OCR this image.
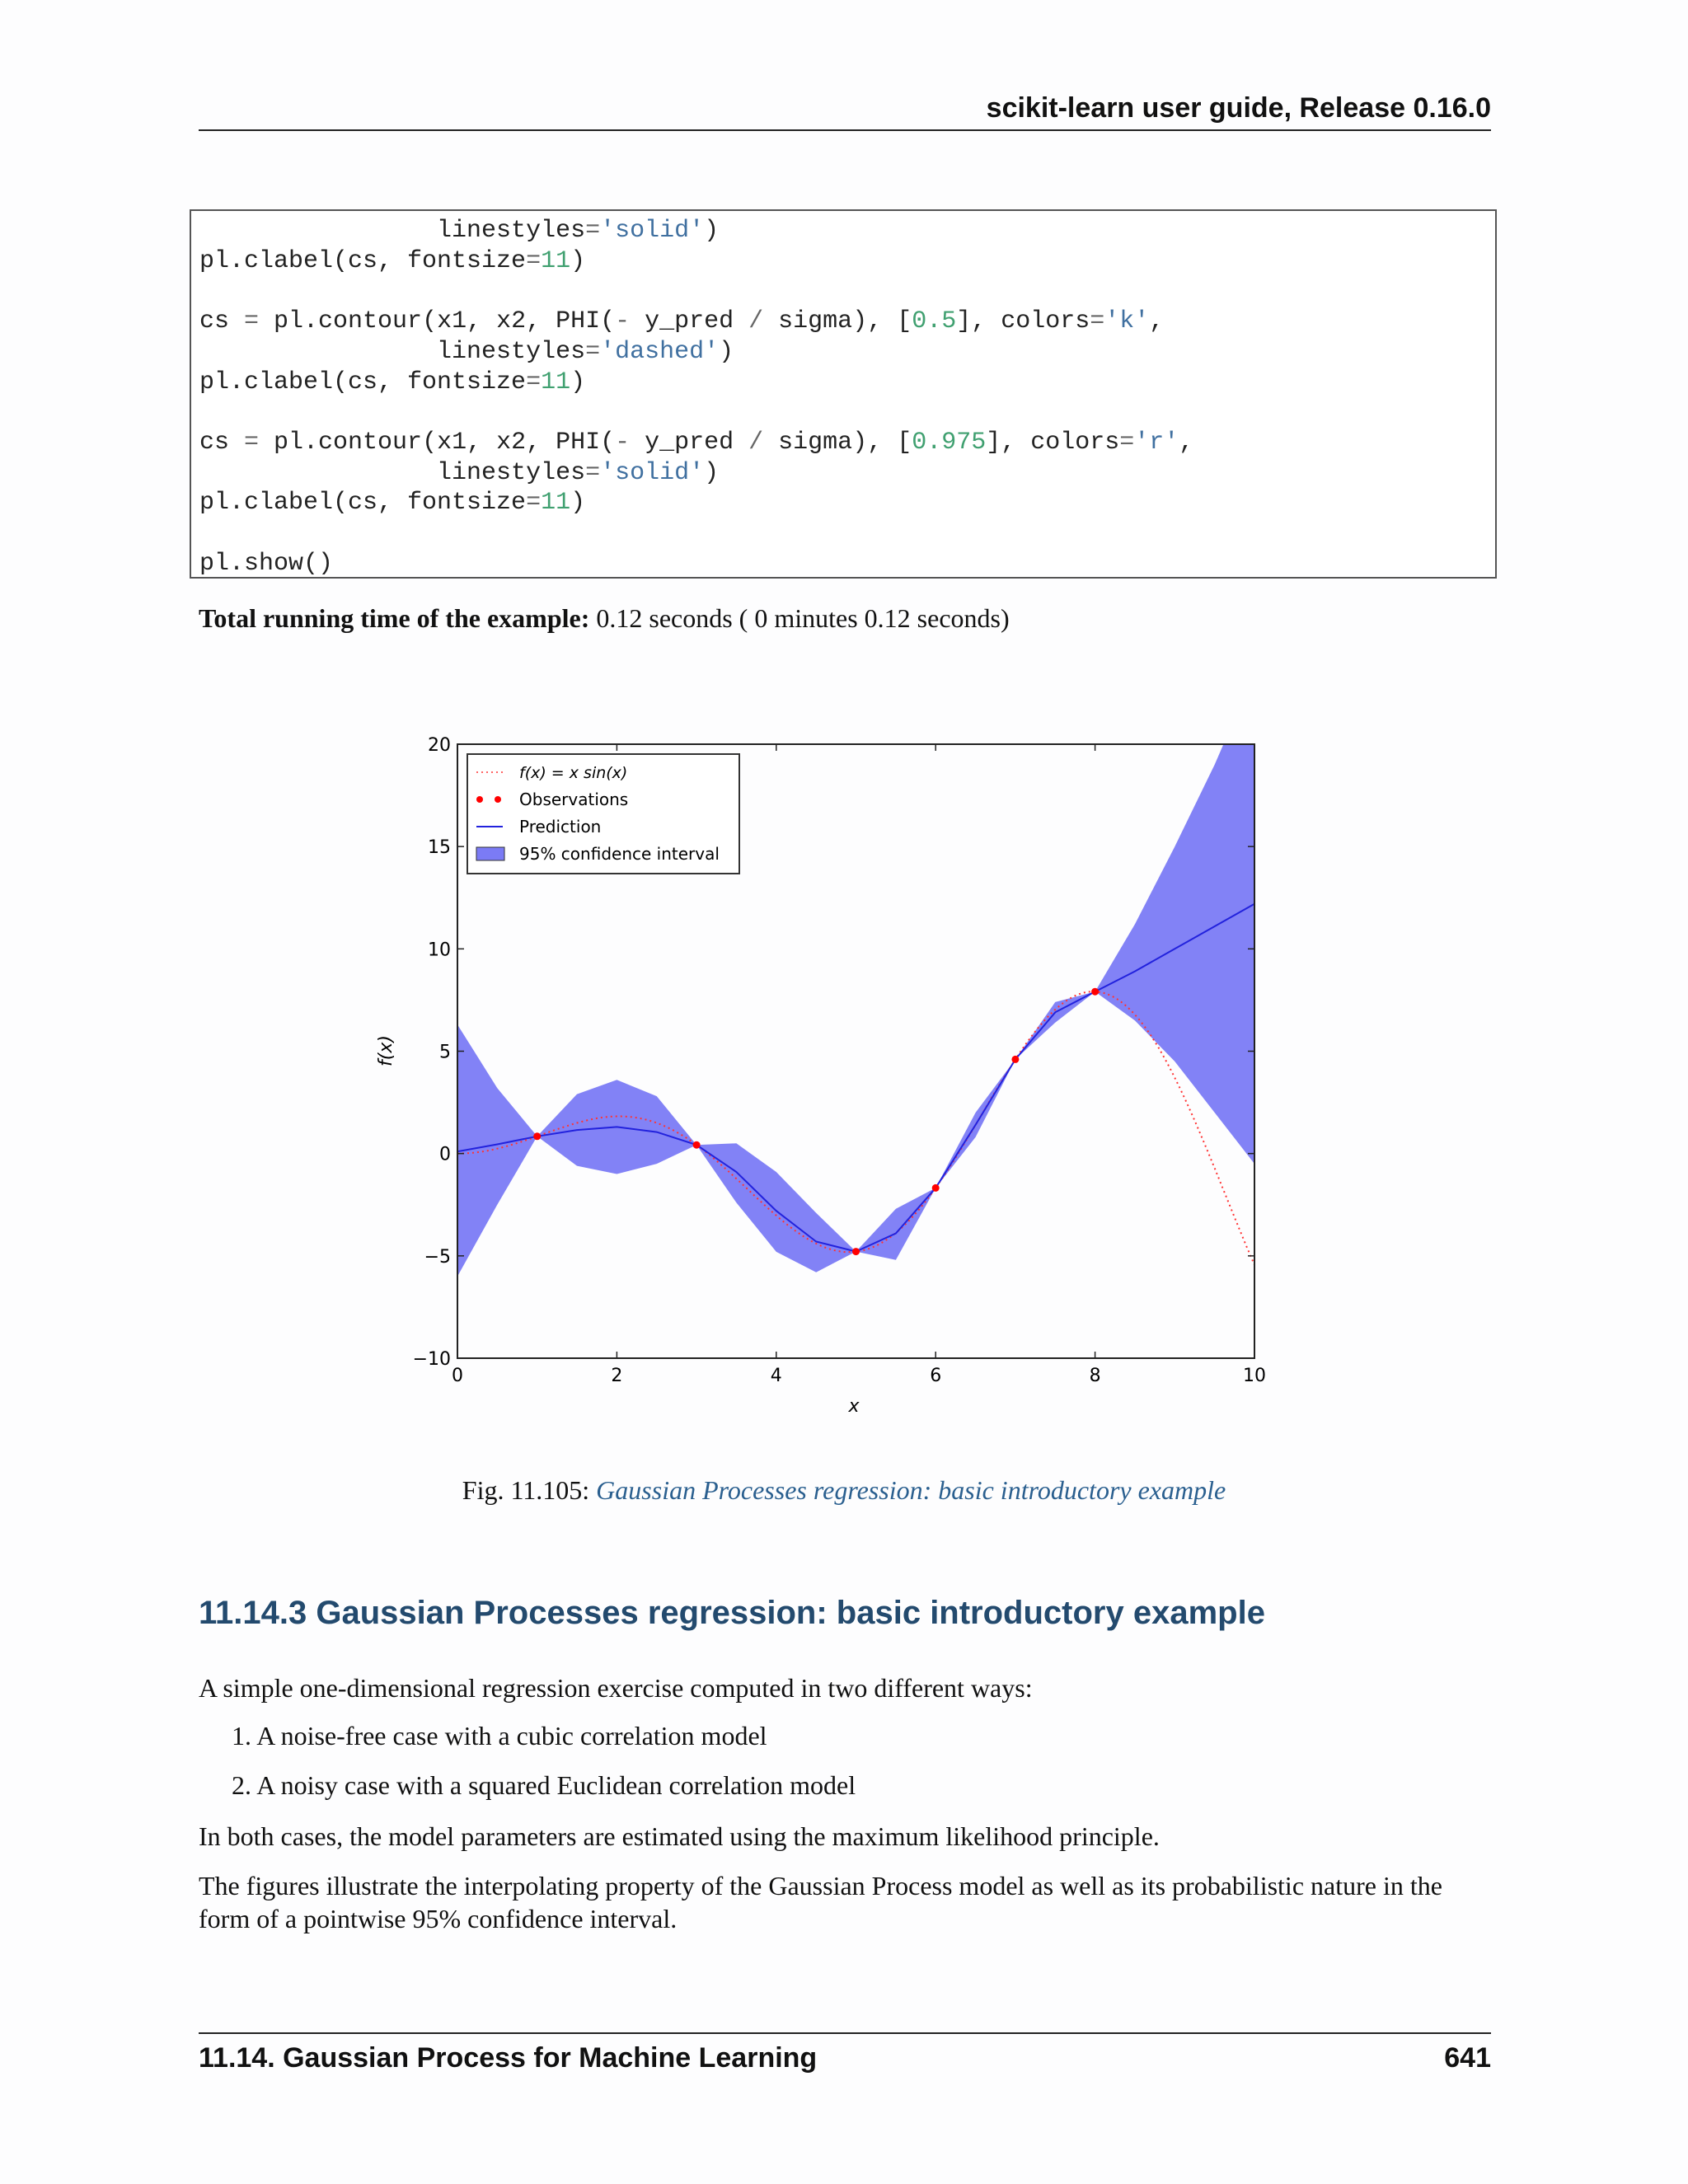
scikit-learn user guide, Release 0.16.0
linestyles='solid')
pl.clabel(cs, fontsize=11)

cs = pl.contour(x1, x2, PHI(- y_pred / sigma), [0.5], colors='k',
linestyles='dashed')
pl.clabel(cs, fontsize=11)

cs = pl.contour(x1, x2, PHI(- y_pred / sigma), [0.975], colors='r',
linestyles='solid')
pl.clabel(cs, fontsize=11)

pl.show()
Total running time of the example: 0.12 seconds ( 0 minutes 0.12 seconds)
0	2	4	6	8	10
−10
−5
0
5
10
15
20
x
f(x)
f(x) = x sin(x)
Observations
Prediction
95% confidence interval
Fig. 11.105: Gaussian Processes regression: basic introductory example
11.14.3 Gaussian Processes regression: basic introductory example
A simple one-dimensional regression exercise computed in two different ways:
1. A noise-free case with a cubic correlation model
2. A noisy case with a squared Euclidean correlation model
In both cases, the model parameters are estimated using the maximum likelihood principle.
The figures illustrate the interpolating property of the Gaussian Process model as well as its probabilistic nature in the form of a pointwise 95% confidence interval.
11.14. Gaussian Process for Machine Learning	641
